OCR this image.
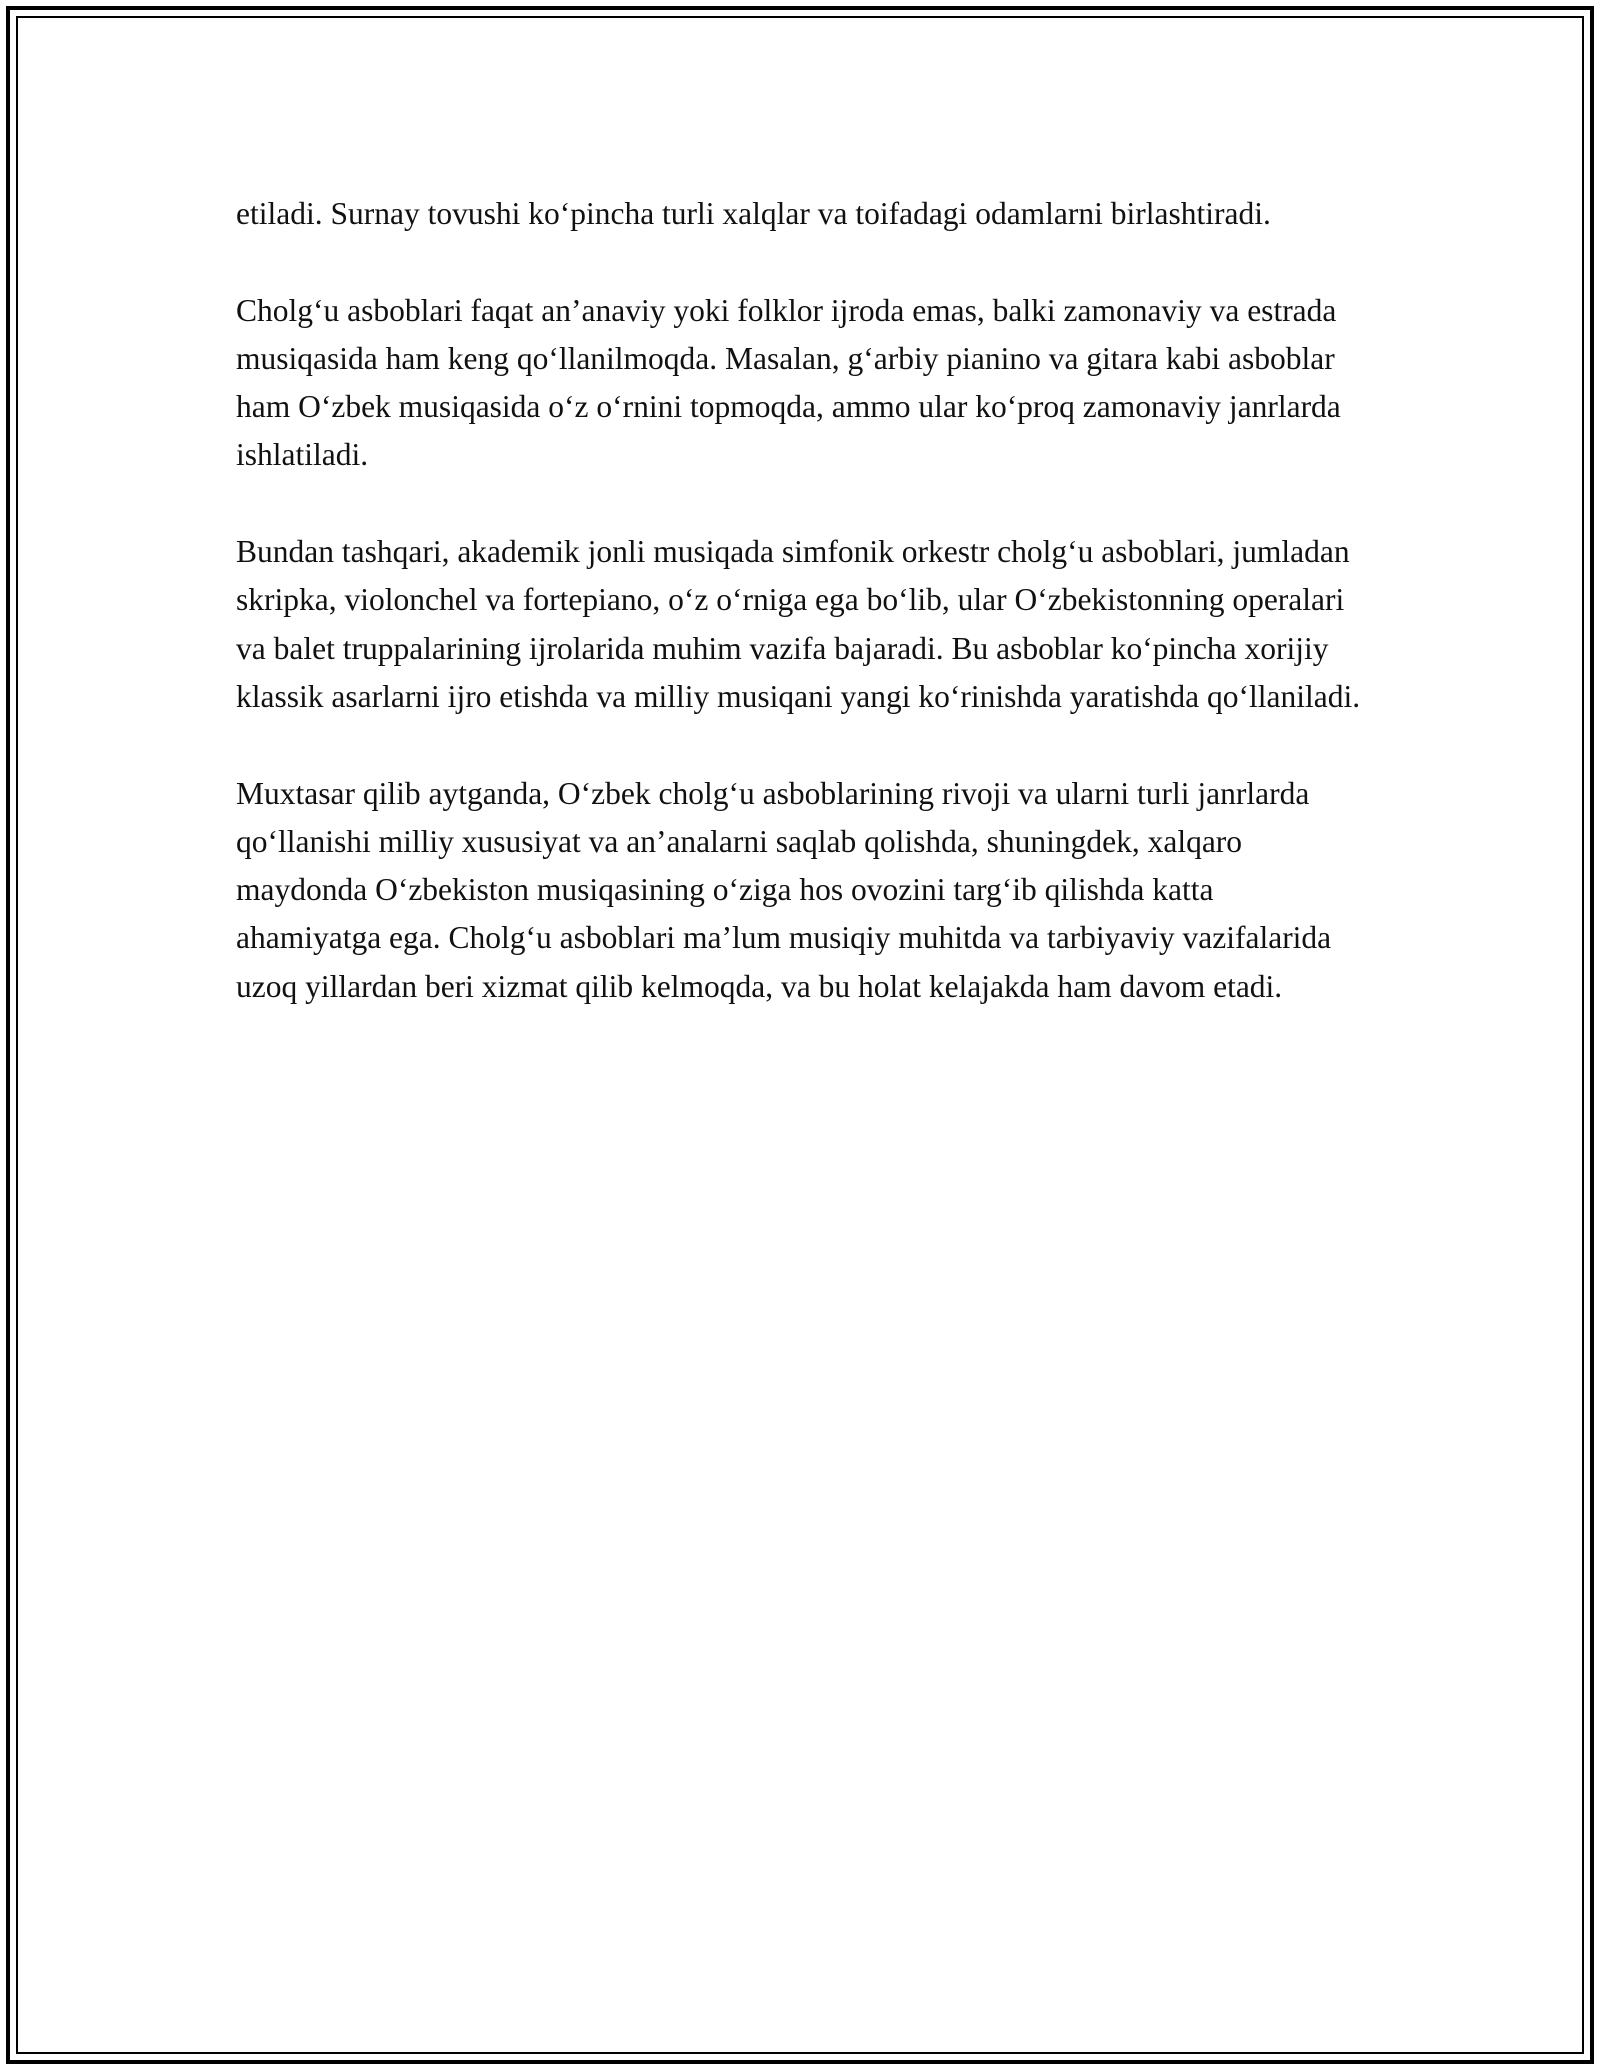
etiladi. Surnay tovushi ko‘pincha turli xalqlar va toifadagi odamlarni birlashtiradi.

Cholg‘u asboblari faqat an’anaviy yoki folklor ijroda emas, balki zamonaviy va estrada musiqasida ham keng qo‘llanilmoqda. Masalan, g‘arbiy pianino va gitara kabi asboblar ham O‘zbek musiqasida o‘z o‘rnini topmoqda, ammo ular ko‘proq zamonaviy janrlarda ishlatiladi.

Bundan tashqari, akademik jonli musiqada simfonik orkestr cholg‘u asboblari, jumladan skripka, violonchel va fortepiano, o‘z o‘rniga ega bo‘lib, ular O‘zbekistonning operalari va balet truppalarining ijrolarida muhim vazifa bajaradi. Bu asboblar ko‘pincha xorijiy klassik asarlarni ijro etishda va milliy musiqani yangi ko‘rinishda yaratishda qo‘llaniladi.

Muxtasar qilib aytganda, O‘zbek cholg‘u asboblarining rivoji va ularni turli janrlarda qo‘llanishi milliy xususiyat va an’analarni saqlab qolishda, shuningdek, xalqaro maydonda O‘zbekiston musiqasining o‘ziga hos ovozini targ‘ib qilishda katta ahamiyatga ega. Cholg‘u asboblari ma’lum musiqiy muhitda va tarbiyaviy vazifalarida uzoq yillardan beri xizmat qilib kelmoqda, va bu holat kelajakda ham davom etadi.
